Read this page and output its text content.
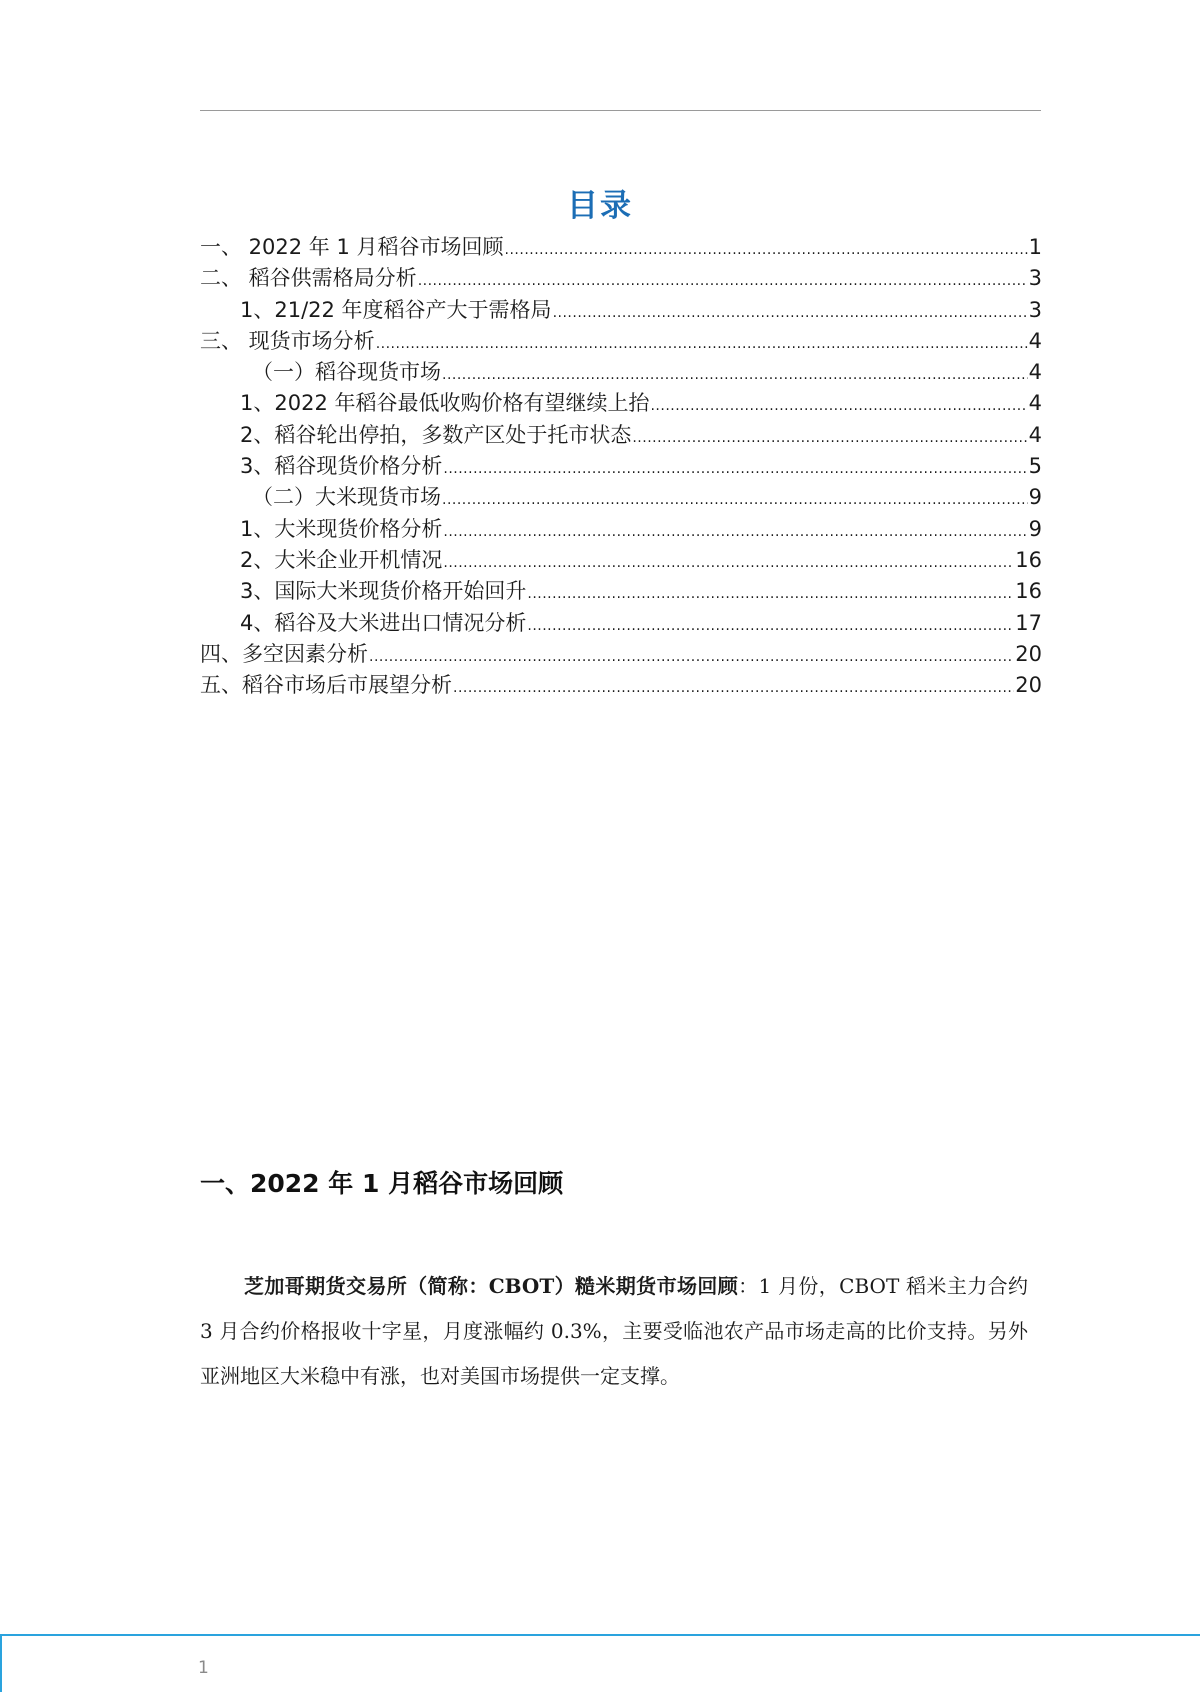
目录
一、 2022 年 1 月稻谷市场回顾 .....	1
二、 稻谷供需格局分析 .....	3
1、21/22 年度稻谷产大于需格局 .....	3
三、 现货市场分析 .....	4
（一）稻谷现货市场 .....	4
1、2022 年稻谷最低收购价格有望继续上抬 .....	4
2、稻谷轮出停拍，多数产区处于托市状态 .....	4
3、稻谷现货价格分析 .....	5
（二）大米现货市场 .....	9
1、大米现货价格分析 .....	9
2、大米企业开机情况 .....	16
3、国际大米现货价格开始回升 .....	16
4、稻谷及大米进出口情况分析 .....	17
四、多空因素分析 .....	20
五、稻谷市场后市展望分析 .....	20
一、2022 年 1 月稻谷市场回顾
芝加哥期货交易所（简称：CBOT）糙米期货市场回顾：1 月份，CBOT 稻米主力合约 3 月合约价格报收十字星，月度涨幅约 0.3%，主要受临池农产品市场走高的比价支持。另外亚洲地区大米稳中有涨，也对美国市场提供一定支撑。
1
